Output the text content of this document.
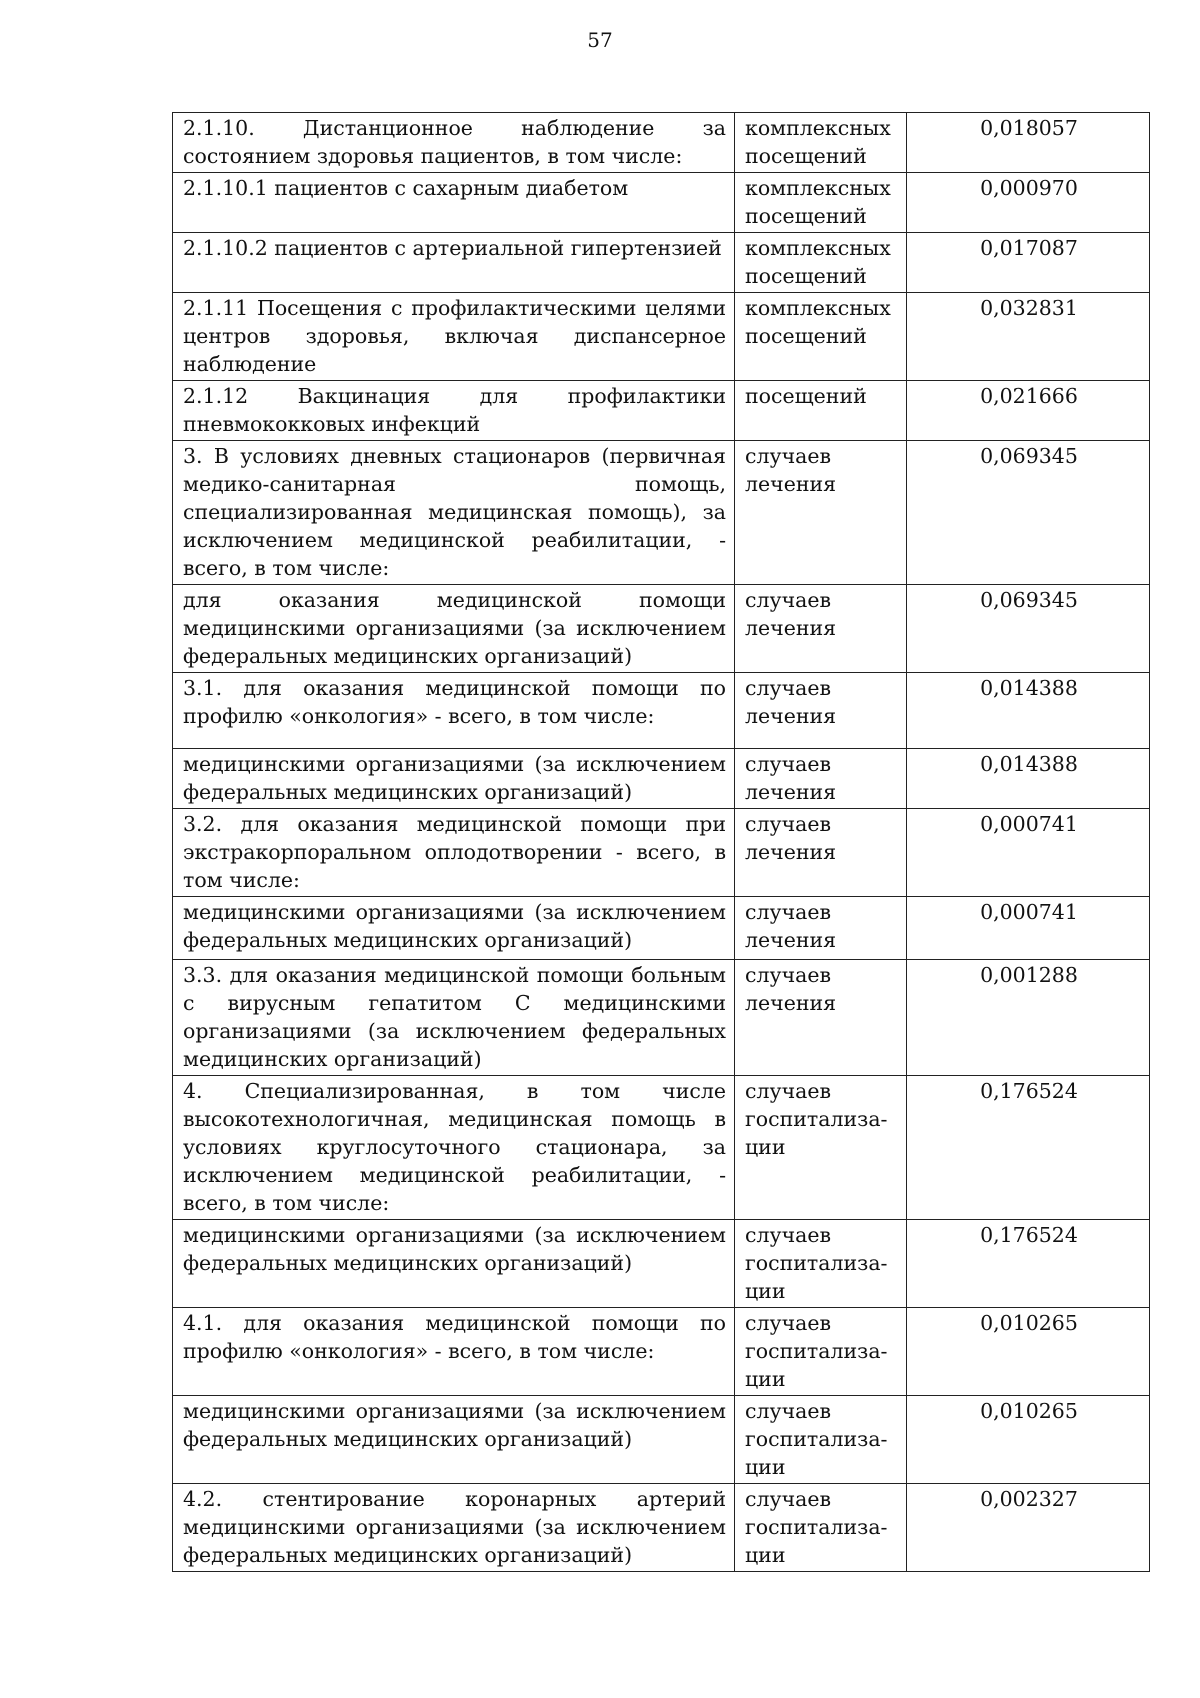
57
2.1.10. Дистанционное наблюдение за состоянием здоровья пациентов, в том числе:	комплексных посещений	0,018057
2.1.10.1 пациентов с сахарным диабетом	комплексных посещений	0,000970
2.1.10.2 пациентов с артериальной гипертензией	комплексных посещений	0,017087
2.1.11 Посещения с профилактическими целями центров здоровья, включая диспансерное наблюдение	комплексных посещений	0,032831
2.1.12 Вакцинация для профилактики пневмококковых инфекций	посещений	0,021666
3. В условиях дневных стационаров (первичная медико-санитарная помощь, специализированная медицинская помощь), за исключением медицинской реабилитации, - всего, в том числе:	случаев лечения	0,069345
для оказания медицинской помощи медицинскими организациями (за исключением федеральных медицинских организаций)	случаев лечения	0,069345
3.1. для оказания медицинской помощи по профилю «онкология» - всего, в том числе:	случаев лечения	0,014388
медицинскими организациями (за исключением федеральных медицинских организаций)	случаев лечения	0,014388
3.2. для оказания медицинской помощи при экстракорпоральном оплодотворении - всего, в том числе:	случаев лечения	0,000741
медицинскими организациями (за исключением федеральных медицинских организаций)	случаев лечения	0,000741
3.3. для оказания медицинской помощи больным с вирусным гепатитом С медицинскими организациями (за исключением федеральных медицинских организаций)	случаев лечения	0,001288
4. Специализированная, в том числе высокотехнологичная, медицинская помощь в условиях круглосуточного стационара, за исключением медицинской реабилитации, - всего, в том числе:	случаев госпитализа-ции	0,176524
медицинскими организациями (за исключением федеральных медицинских организаций)	случаев госпитализа-ции	0,176524
4.1. для оказания медицинской помощи по профилю «онкология» - всего, в том числе:	случаев госпитализа-ции	0,010265
медицинскими организациями (за исключением федеральных медицинских организаций)	случаев госпитализа-ции	0,010265
4.2. стентирование коронарных артерий медицинскими организациями (за исключением федеральных медицинских организаций)	случаев госпитализа-ции	0,002327
